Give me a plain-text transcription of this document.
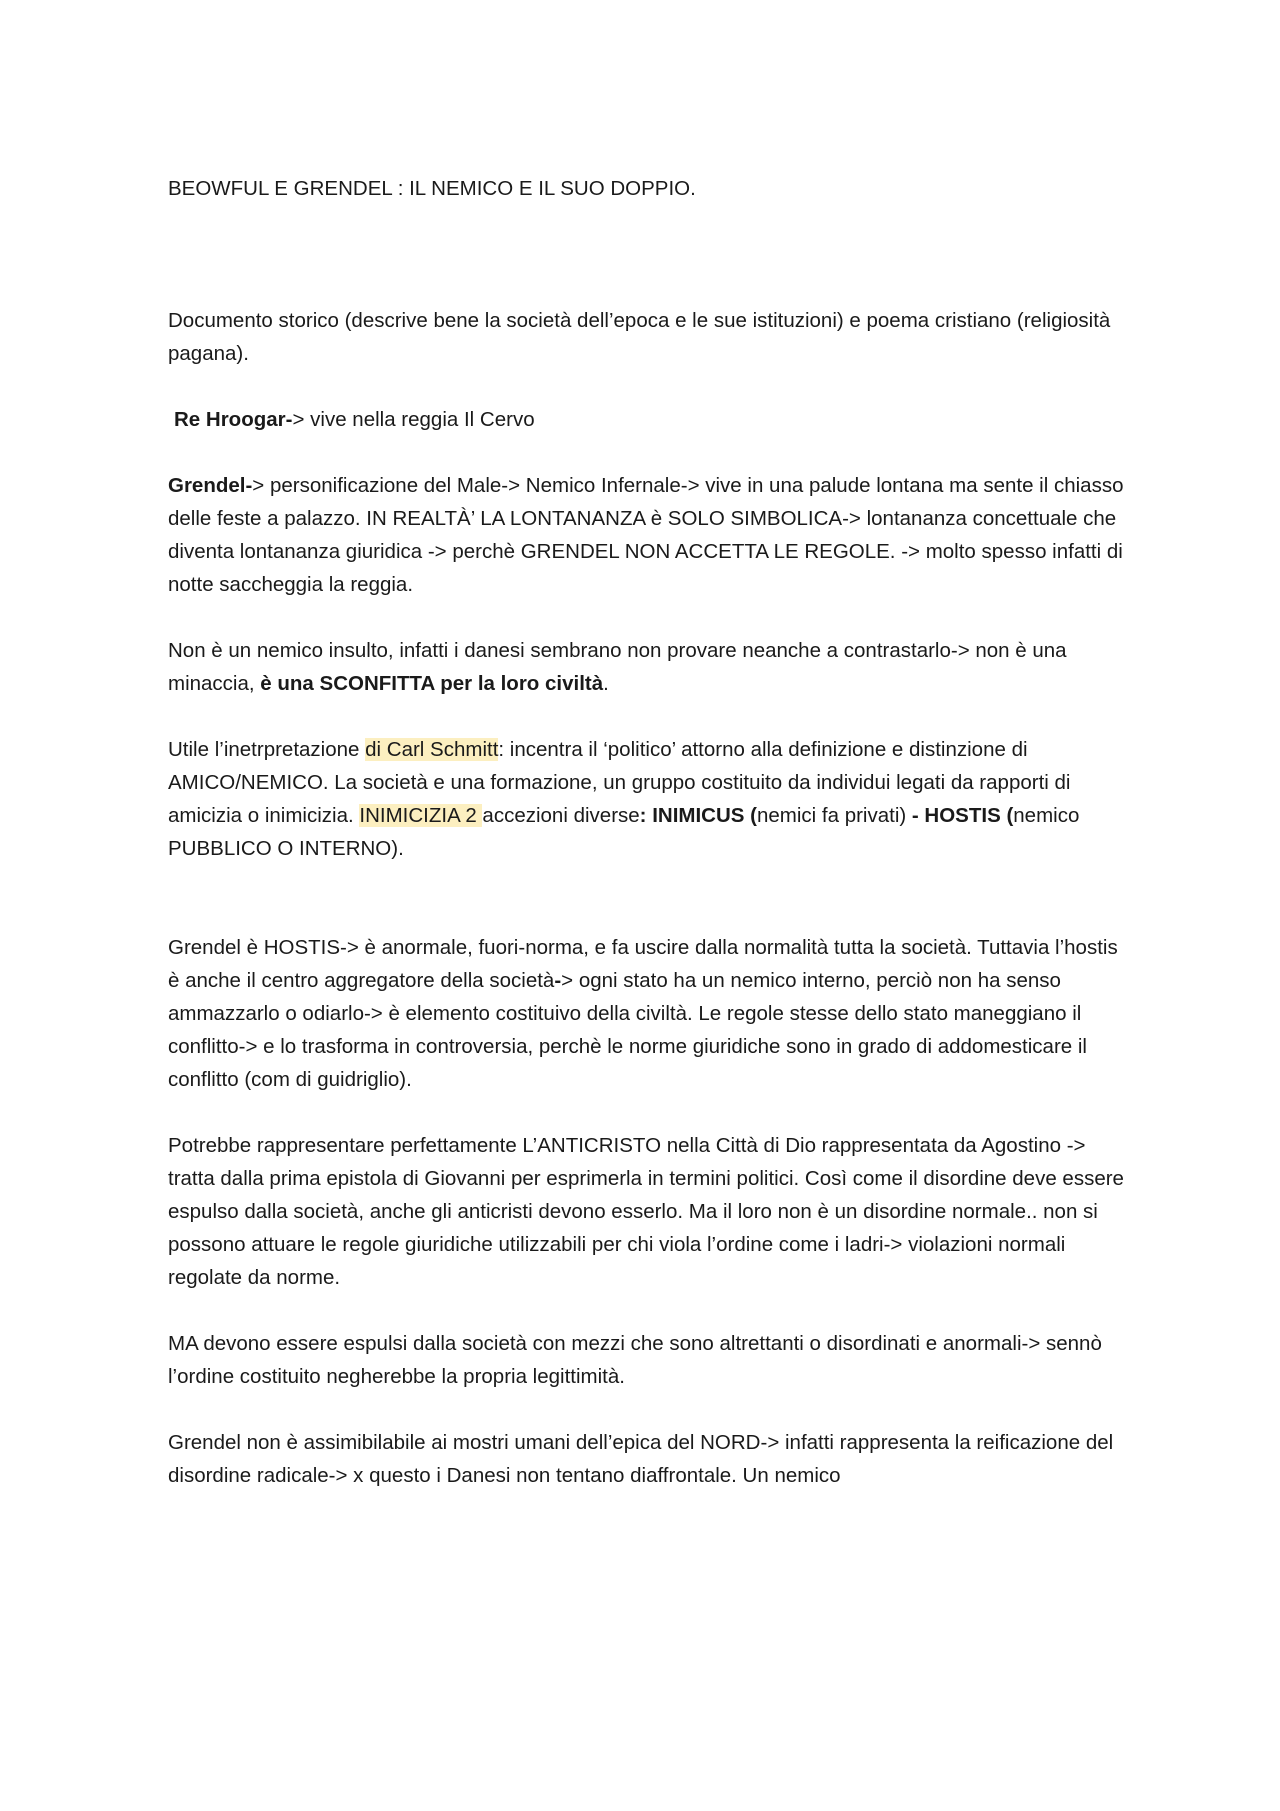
BEOWFUL E GRENDEL : IL NEMICO E IL SUO DOPPIO.

Documento storico (descrive bene la società dell’epoca e le sue istituzioni) e poema cristiano (religiosità pagana).

Re Hroogar-> vive nella reggia Il Cervo

Grendel-> personificazione del Male-> Nemico Infernale-> vive in una palude lontana ma sente il chiasso delle feste a palazzo. IN REALTÀ’ LA LONTANANZA è SOLO SIMBOLICA-> lontananza concettuale che diventa lontananza giuridica -> perchè GRENDEL NON ACCETTA LE REGOLE. -> molto spesso infatti di notte saccheggia la reggia.

Non è un nemico insulto, infatti i danesi sembrano non provare neanche a contrastarlo-> non è una minaccia, è una SCONFITTA per la loro civiltà.

Utile l’inetrpretazione di Carl Schmitt: incentra il ‘politico’ attorno alla definizione e distinzione di AMICO/NEMICO. La società e una formazione, un gruppo costituito da individui legati da rapporti di amicizia o inimicizia. INIMICIZIA 2 accezioni diverse: INIMICUS (nemici fa privati) - HOSTIS (nemico PUBBLICO O INTERNO).

Grendel è HOSTIS-> è anormale, fuori-norma, e fa uscire dalla normalità tutta la società. Tuttavia l’hostis è anche il centro aggregatore della società-> ogni stato ha un nemico interno, perciò non ha senso ammazzarlo o odiarlo-> è elemento costituivo della civiltà. Le regole stesse dello stato maneggiano il conflitto-> e lo trasforma in controversia, perchè le norme giuridiche sono in grado di addomesticare il conflitto (com di guidriglio).

Potrebbe rappresentare perfettamente L’ANTICRISTO nella Città di Dio rappresentata da Agostino -> tratta dalla prima epistola di Giovanni per esprimerla in termini politici. Così come il disordine deve essere espulso dalla società, anche gli anticristi devono esserlo. Ma il loro non è un disordine normale.. non si possono attuare le regole giuridiche utilizzabili per chi viola l’ordine come i ladri-> violazioni normali regolate da norme.

MA devono essere espulsi dalla società con mezzi che sono altrettanti o disordinati e anormali-> sennò l’ordine costituito negherebbe la propria legittimità.

Grendel non è assimibilabile ai mostri umani dell’epica del NORD-> infatti rappresenta la reificazione del disordine radicale-> x questo i Danesi non tentano diaffrontale. Un nemico
